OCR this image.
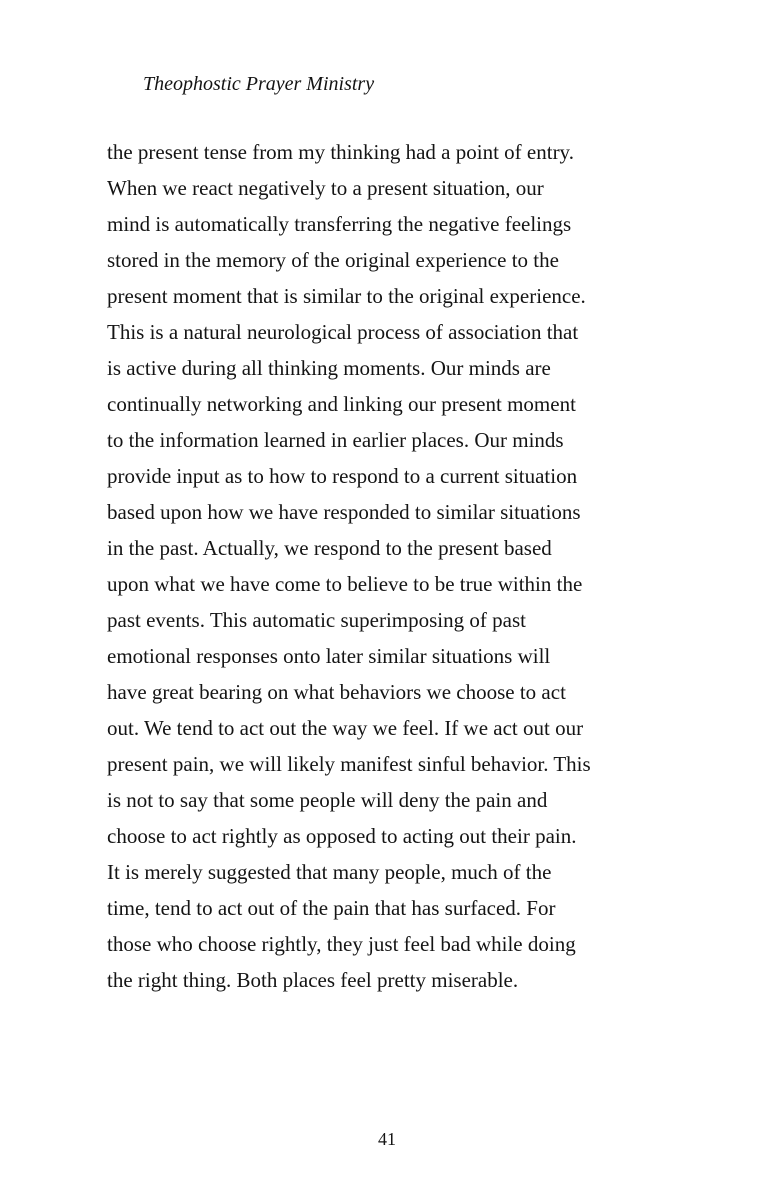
Theophostic Prayer Ministry
the present tense from my thinking had a point of entry.
When we react negatively to a present situation, our
mind is automatically transferring the negative feelings
stored in the memory of the original experience to the
present moment that is similar to the original experience.
This is a natural neurological process of association that
is active during all thinking moments. Our minds are
continually networking and linking our present moment
to the information learned in earlier places. Our minds
provide input as to how to respond to a current situation
based upon how we have responded to similar situations
in the past. Actually, we respond to the present based
upon what we have come to believe to be true within the
past events. This automatic superimposing of past
emotional responses onto later similar situations will
have great bearing on what behaviors we choose to act
out. We tend to act out the way we feel. If we act out our
present pain, we will likely manifest sinful behavior. This
is not to say that some people will deny the pain and
choose to act rightly as opposed to acting out their pain.
It is merely suggested that many people, much of the
time, tend to act out of the pain that has surfaced. For
those who choose rightly, they just feel bad while doing
the right thing. Both places feel pretty miserable.
41
